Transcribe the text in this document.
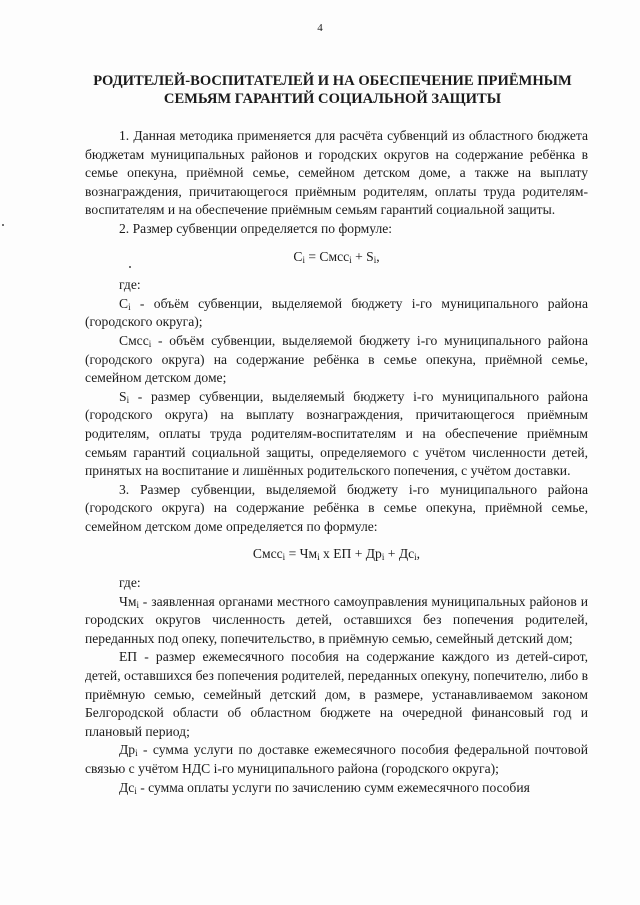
4
РОДИТЕЛЕЙ-ВОСПИТАТЕЛЕЙ И НА ОБЕСПЕЧЕНИЕ ПРИЁМНЫМ
СЕМЬЯМ ГАРАНТИЙ СОЦИАЛЬНОЙ ЗАЩИТЫ

1. Данная методика применяется для расчёта субвенций из областного бюджета бюджетам муниципальных районов и городских округов на содержание ребёнка в семье опекуна, приёмной семье, семейном детском доме, а также на выплату вознаграждения, причитающегося приёмным родителям, оплаты труда родителям-воспитателям и на обеспечение приёмным семьям гарантий социальной защиты.

2. Размер субвенции определяется по формуле:

$C_i$ = Смсс$_i$ + $S_i$,

где:

$C_i$ - объём субвенции, выделяемой бюджету i-го муниципального района (городского округа);

Смсс$_i$ - объём субвенции, выделяемой бюджету i-го муниципального района (городского округа) на содержание ребёнка в семье опекуна, приёмной семье, семейном детском доме;

$S_i$ - размер субвенции, выделяемый бюджету i-го муниципального района (городского округа) на выплату вознаграждения, причитающегося приёмным родителям, оплаты труда родителям-воспитателям и на обеспечение приёмным семьям гарантий социальной защиты, определяемого с учётом численности детей, принятых на воспитание и лишённых родительского попечения, с учётом доставки.

3. Размер субвенции, выделяемой бюджету i-го муниципального района (городского округа) на содержание ребёнка в семье опекуна, приёмной семье, семейном детском доме определяется по формуле:

Смсс$_i$ = $Чм_i$ х ЕП + $Др_i + Дс_i$,

где:

$Чм_i$ - заявленная органами местного самоуправления муниципальных районов и городских округов численность детей, оставшихся без попечения родителей, переданных под опеку, попечительство, в приёмную семью, семейный детский дом;

ЕП - размер ежемесячного пособия на содержание каждого из детей-сирот, детей, оставшихся без попечения родителей, переданных опекуну, попечителю, либо в приёмную семью, семейный детский дом, в размере, устанавливаемом законом Белгородской области об областном бюджете на очередной финансовый год и плановый период;

$Др_i$ - сумма услуги по доставке ежемесячного пособия федеральной почтовой связью с учётом НДС i-го муниципального района (городского округа);

$Дс_i$ - сумма оплаты услуги по зачислению сумм ежемесячного пособия
